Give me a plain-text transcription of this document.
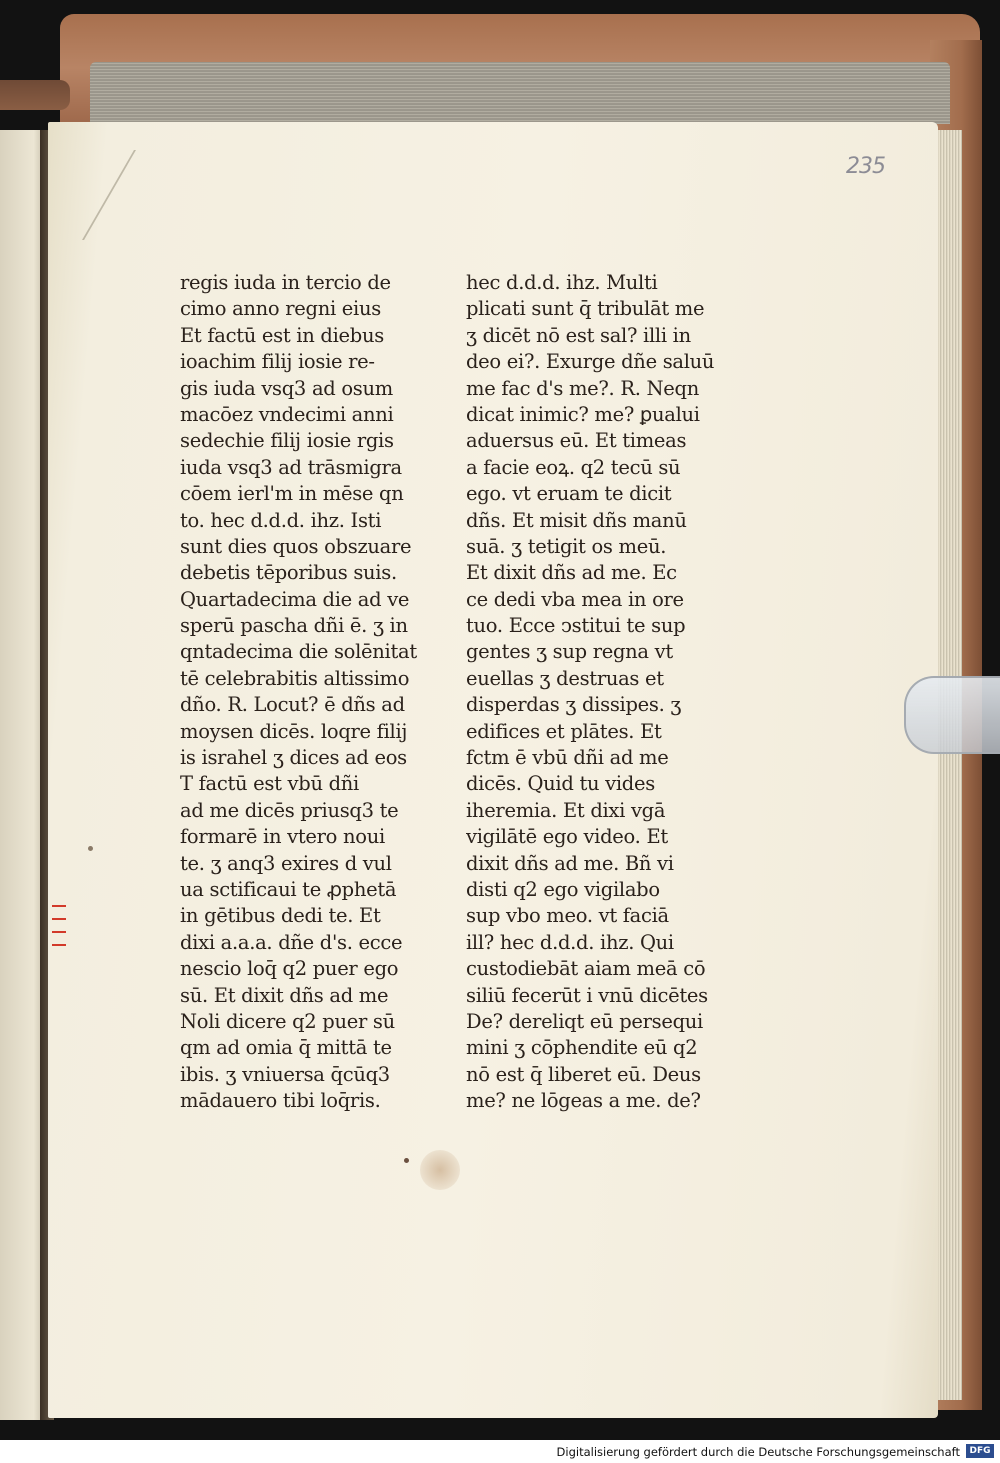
235
regis iuda in tercio de
cimo anno regni eius
Et factū est in diebus
ioachim filij iosie re-
gis iuda vsq3 ad osum
macōez vndecimi anni
sedechie filij iosie rgis
iuda vsq3 ad trāsmigra
cōem ierl'm in mēse qn
to. hec d.d.d. ihz. Isti
sunt dies quos obszuare
debetis tēporibus suis.
Quartadecima die ad ve
sperū pascha dñi ē. ʒ in
qntadecima die solēnitat
tē celebrabitis altissimo
dño. R. Locut? ē dñs ad
moysen dicēs. loqre filij
is israhel ʒ dices ad eos
T factū est vbū dñi
ad me dicēs priusq3 te
formarē in vtero noui
te. ʒ anq3 exires d vul
ua sctificaui te ꝓphetā
in gētibus dedi te. Et
dixi a.a.a. dñe d's. ecce
nescio loq̄ q2 puer ego
sū. Et dixit dñs ad me
Noli dicere q2 puer sū
qm ad omia q̄ mittā te
ibis. ʒ vniuersa q̄cūq3
mādauero tibi loq̄ris.
hec d.d.d. ihz. Multi
plicati sunt q̄ tribulāt me
ʒ dicēt nō est sal? illi in
deo ei?. Exurge dñe saluū
me fac d's me?. R. Neqn
dicat inimic? me? ꝑualui
aduersus eū. Et timeas
a facie eoꝝ. q2 tecū sū
ego. vt eruam te dicit
dñs. Et misit dñs manū
suā. ʒ tetigit os meū.
Et dixit dñs ad me. Ec
ce dedi vba mea in ore
tuo. Ecce ↄstitui te sup
gentes ʒ sup regna vt
euellas ʒ destruas et
disperdas ʒ dissipes. ʒ
edifices et plātes. Et
fctm ē vbū dñi ad me
dicēs. Quid tu vides
iheremia. Et dixi vgā
vigilātē ego video. Et
dixit dñs ad me. Bñ vi
disti q2 ego vigilabo
sup vbo meo. vt faciā
ill? hec d.d.d. ihz. Qui
custodiebāt aiam meā cō
siliū fecerūt i vnū dicētes
De? dereliqt eū persequi
mini ʒ cōphendite eū q2
nō est q̄ liberet eū. Deus
me? ne lōgeas a me. de?
Digitalisierung gefördert durch die Deutsche Forschungsgemeinschaft	DFG
